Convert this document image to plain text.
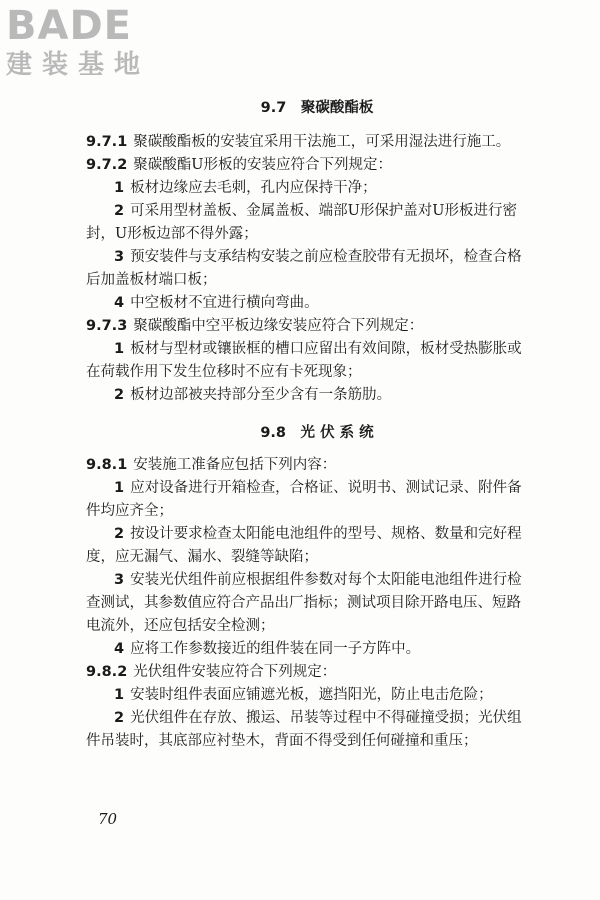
BADE
建装基地
9.7　聚碳酸酯板
9.7.1 聚碳酸酯板的安装宜采用干法施工，可采用湿法进行施工。
9.7.2 聚碳酸酯U形板的安装应符合下列规定：
1 板材边缘应去毛刺，孔内应保持干净；
2 可采用型材盖板、金属盖板、端部U形保护盖对U形板进行密封，U形板边部不得外露；
3 预安装件与支承结构安装之前应检查胶带有无损坏，检查合格后加盖板材端口板；
4 中空板材不宜进行横向弯曲。
9.7.3 聚碳酸酯中空平板边缘安装应符合下列规定：
1 板材与型材或镶嵌框的槽口应留出有效间隙，板材受热膨胀或在荷载作用下发生位移时不应有卡死现象；
2 板材边部被夹持部分至少含有一条筋肋。
9.8　光 伏 系 统
9.8.1 安装施工准备应包括下列内容：
1 应对设备进行开箱检查，合格证、说明书、测试记录、附件备件均应齐全；
2 按设计要求检查太阳能电池组件的型号、规格、数量和完好程度，应无漏气、漏水、裂缝等缺陷；
3 安装光伏组件前应根据组件参数对每个太阳能电池组件进行检查测试，其参数值应符合产品出厂指标；测试项目除开路电压、短路电流外，还应包括安全检测；
4 应将工作参数接近的组件装在同一子方阵中。
9.8.2 光伏组件安装应符合下列规定：
1 安装时组件表面应铺遮光板，遮挡阳光，防止电击危险；
2 光伏组件在存放、搬运、吊装等过程中不得碰撞受损；光伏组件吊装时，其底部应衬垫木，背面不得受到任何碰撞和重压；
70
